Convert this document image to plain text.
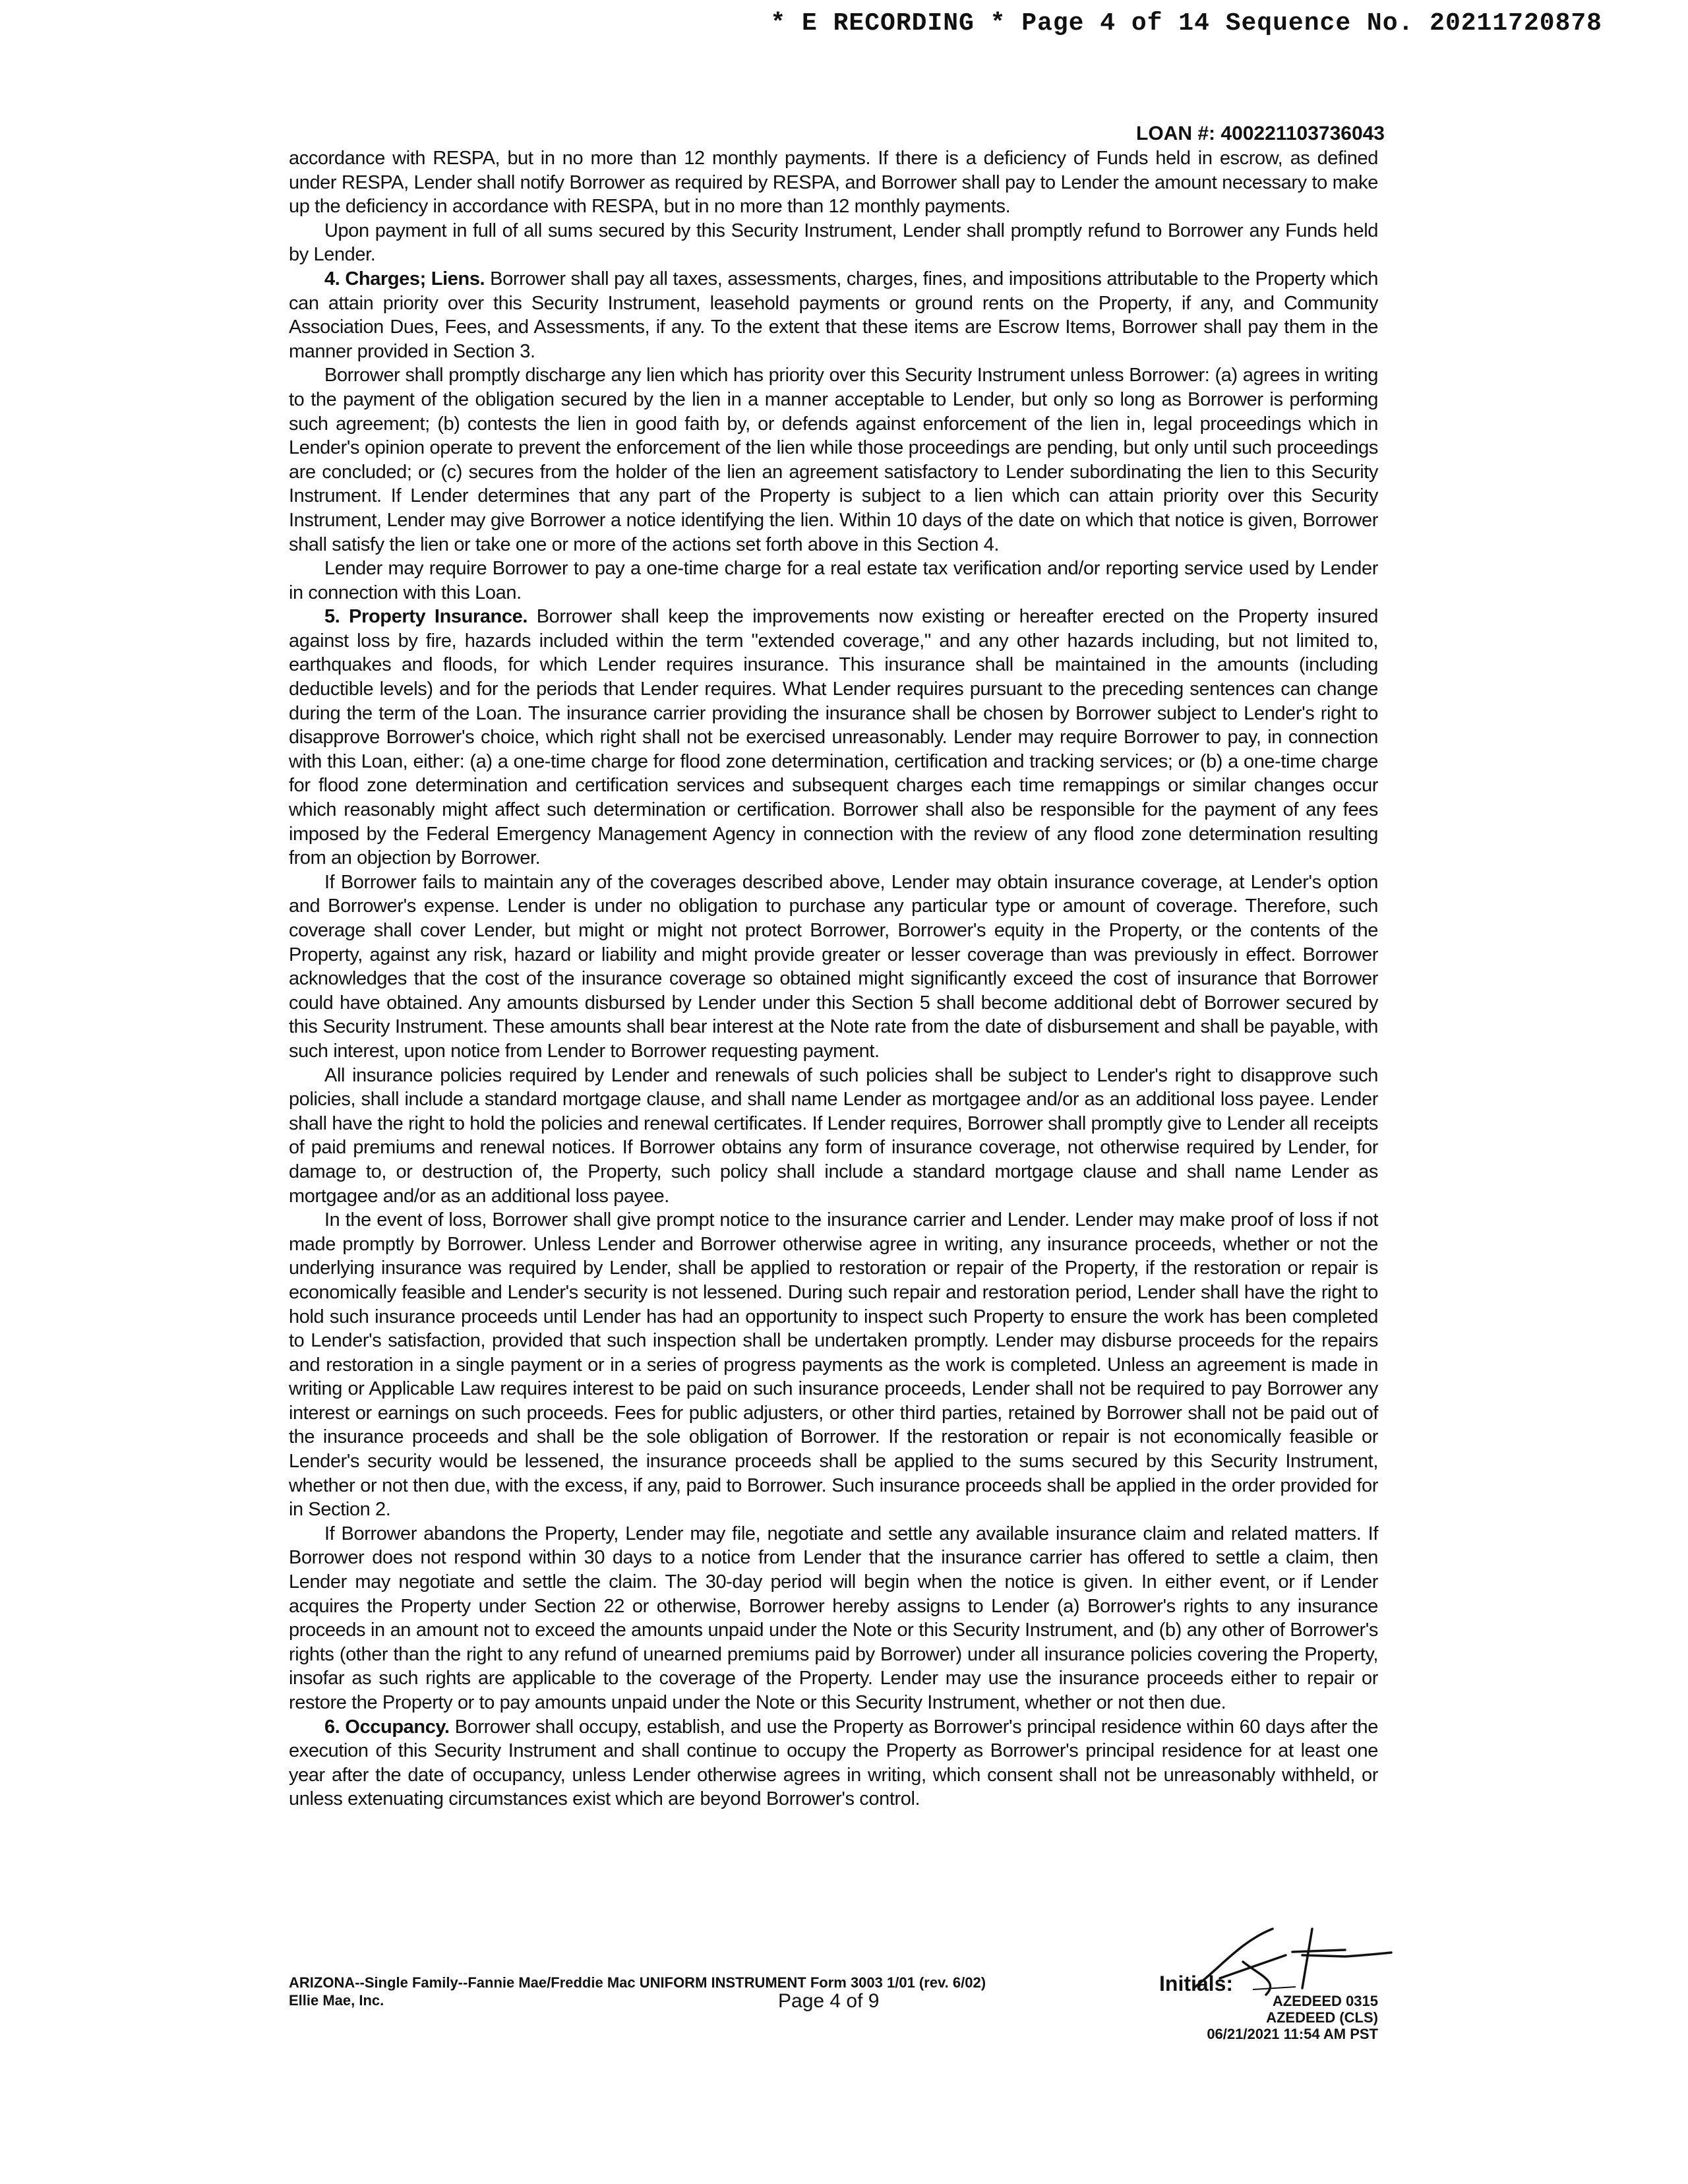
* E RECORDING * Page 4 of 14 Sequence No. 20211720878
LOAN #: 400221103736043

accordance with RESPA, but in no more than 12 monthly payments. If there is a deficiency of Funds held in escrow, as defined under RESPA, Lender shall notify Borrower as required by RESPA, and Borrower shall pay to Lender the amount necessary to make up the deficiency in accordance with RESPA, but in no more than 12 monthly payments.

Upon payment in full of all sums secured by this Security Instrument, Lender shall promptly refund to Borrower any Funds held by Lender.

4. Charges; Liens. Borrower shall pay all taxes, assessments, charges, fines, and impositions attributable to the Property which can attain priority over this Security Instrument, leasehold payments or ground rents on the Property, if any, and Community Association Dues, Fees, and Assessments, if any. To the extent that these items are Escrow Items, Borrower shall pay them in the manner provided in Section 3.

Borrower shall promptly discharge any lien which has priority over this Security Instrument unless Borrower: (a) agrees in writing to the payment of the obligation secured by the lien in a manner acceptable to Lender, but only so long as Borrower is performing such agreement; (b) contests the lien in good faith by, or defends against enforcement of the lien in, legal proceedings which in Lender's opinion operate to prevent the enforcement of the lien while those proceedings are pending, but only until such proceedings are concluded; or (c) secures from the holder of the lien an agreement satisfactory to Lender subordinating the lien to this Security Instrument. If Lender determines that any part of the Property is subject to a lien which can attain priority over this Security Instrument, Lender may give Borrower a notice identifying the lien. Within 10 days of the date on which that notice is given, Borrower shall satisfy the lien or take one or more of the actions set forth above in this Section 4.

Lender may require Borrower to pay a one-time charge for a real estate tax verification and/or reporting service used by Lender in connection with this Loan.

5. Property Insurance. Borrower shall keep the improvements now existing or hereafter erected on the Property insured against loss by fire, hazards included within the term "extended coverage," and any other hazards including, but not limited to, earthquakes and floods, for which Lender requires insurance. This insurance shall be maintained in the amounts (including deductible levels) and for the periods that Lender requires. What Lender requires pursuant to the preceding sentences can change during the term of the Loan. The insurance carrier providing the insurance shall be chosen by Borrower subject to Lender's right to disapprove Borrower's choice, which right shall not be exercised unreasonably. Lender may require Borrower to pay, in connection with this Loan, either: (a) a one-time charge for flood zone determination, certification and tracking services; or (b) a one-time charge for flood zone determination and certification services and subsequent charges each time remappings or similar changes occur which reasonably might affect such determination or certification. Borrower shall also be responsible for the payment of any fees imposed by the Federal Emergency Management Agency in connection with the review of any flood zone determination resulting from an objection by Borrower.

If Borrower fails to maintain any of the coverages described above, Lender may obtain insurance coverage, at Lender's option and Borrower's expense. Lender is under no obligation to purchase any particular type or amount of coverage. Therefore, such coverage shall cover Lender, but might or might not protect Borrower, Borrower's equity in the Property, or the contents of the Property, against any risk, hazard or liability and might provide greater or lesser coverage than was previously in effect. Borrower acknowledges that the cost of the insurance coverage so obtained might significantly exceed the cost of insurance that Borrower could have obtained. Any amounts disbursed by Lender under this Section 5 shall become additional debt of Borrower secured by this Security Instrument. These amounts shall bear interest at the Note rate from the date of disbursement and shall be payable, with such interest, upon notice from Lender to Borrower requesting payment.

All insurance policies required by Lender and renewals of such policies shall be subject to Lender's right to disapprove such policies, shall include a standard mortgage clause, and shall name Lender as mortgagee and/or as an additional loss payee. Lender shall have the right to hold the policies and renewal certificates. If Lender requires, Borrower shall promptly give to Lender all receipts of paid premiums and renewal notices. If Borrower obtains any form of insurance coverage, not otherwise required by Lender, for damage to, or destruction of, the Property, such policy shall include a standard mortgage clause and shall name Lender as mortgagee and/or as an additional loss payee.

In the event of loss, Borrower shall give prompt notice to the insurance carrier and Lender. Lender may make proof of loss if not made promptly by Borrower. Unless Lender and Borrower otherwise agree in writing, any insurance proceeds, whether or not the underlying insurance was required by Lender, shall be applied to restoration or repair of the Property, if the restoration or repair is economically feasible and Lender's security is not lessened. During such repair and restoration period, Lender shall have the right to hold such insurance proceeds until Lender has had an opportunity to inspect such Property to ensure the work has been completed to Lender's satisfaction, provided that such inspection shall be undertaken promptly. Lender may disburse proceeds for the repairs and restoration in a single payment or in a series of progress payments as the work is completed. Unless an agreement is made in writing or Applicable Law requires interest to be paid on such insurance proceeds, Lender shall not be required to pay Borrower any interest or earnings on such proceeds. Fees for public adjusters, or other third parties, retained by Borrower shall not be paid out of the insurance proceeds and shall be the sole obligation of Borrower. If the restoration or repair is not economically feasible or Lender's security would be lessened, the insurance proceeds shall be applied to the sums secured by this Security Instrument, whether or not then due, with the excess, if any, paid to Borrower. Such insurance proceeds shall be applied in the order provided for in Section 2.

If Borrower abandons the Property, Lender may file, negotiate and settle any available insurance claim and related matters. If Borrower does not respond within 30 days to a notice from Lender that the insurance carrier has offered to settle a claim, then Lender may negotiate and settle the claim. The 30-day period will begin when the notice is given. In either event, or if Lender acquires the Property under Section 22 or otherwise, Borrower hereby assigns to Lender (a) Borrower's rights to any insurance proceeds in an amount not to exceed the amounts unpaid under the Note or this Security Instrument, and (b) any other of Borrower's rights (other than the right to any refund of unearned premiums paid by Borrower) under all insurance policies covering the Property, insofar as such rights are applicable to the coverage of the Property. Lender may use the insurance proceeds either to repair or restore the Property or to pay amounts unpaid under the Note or this Security Instrument, whether or not then due.

6. Occupancy. Borrower shall occupy, establish, and use the Property as Borrower's principal residence within 60 days after the execution of this Security Instrument and shall continue to occupy the Property as Borrower's principal residence for at least one year after the date of occupancy, unless Lender otherwise agrees in writing, which consent shall not be unreasonably withheld, or unless extenuating circumstances exist which are beyond Borrower's control.

ARIZONA--Single Family--Fannie Mae/Freddie Mac UNIFORM INSTRUMENT Form 3003 1/01 (rev. 6/02)
Ellie Mae, Inc.	Page 4 of 9
Initials:
AZEDEED 0315
AZEDEED (CLS)
06/21/2021 11:54 AM PST
